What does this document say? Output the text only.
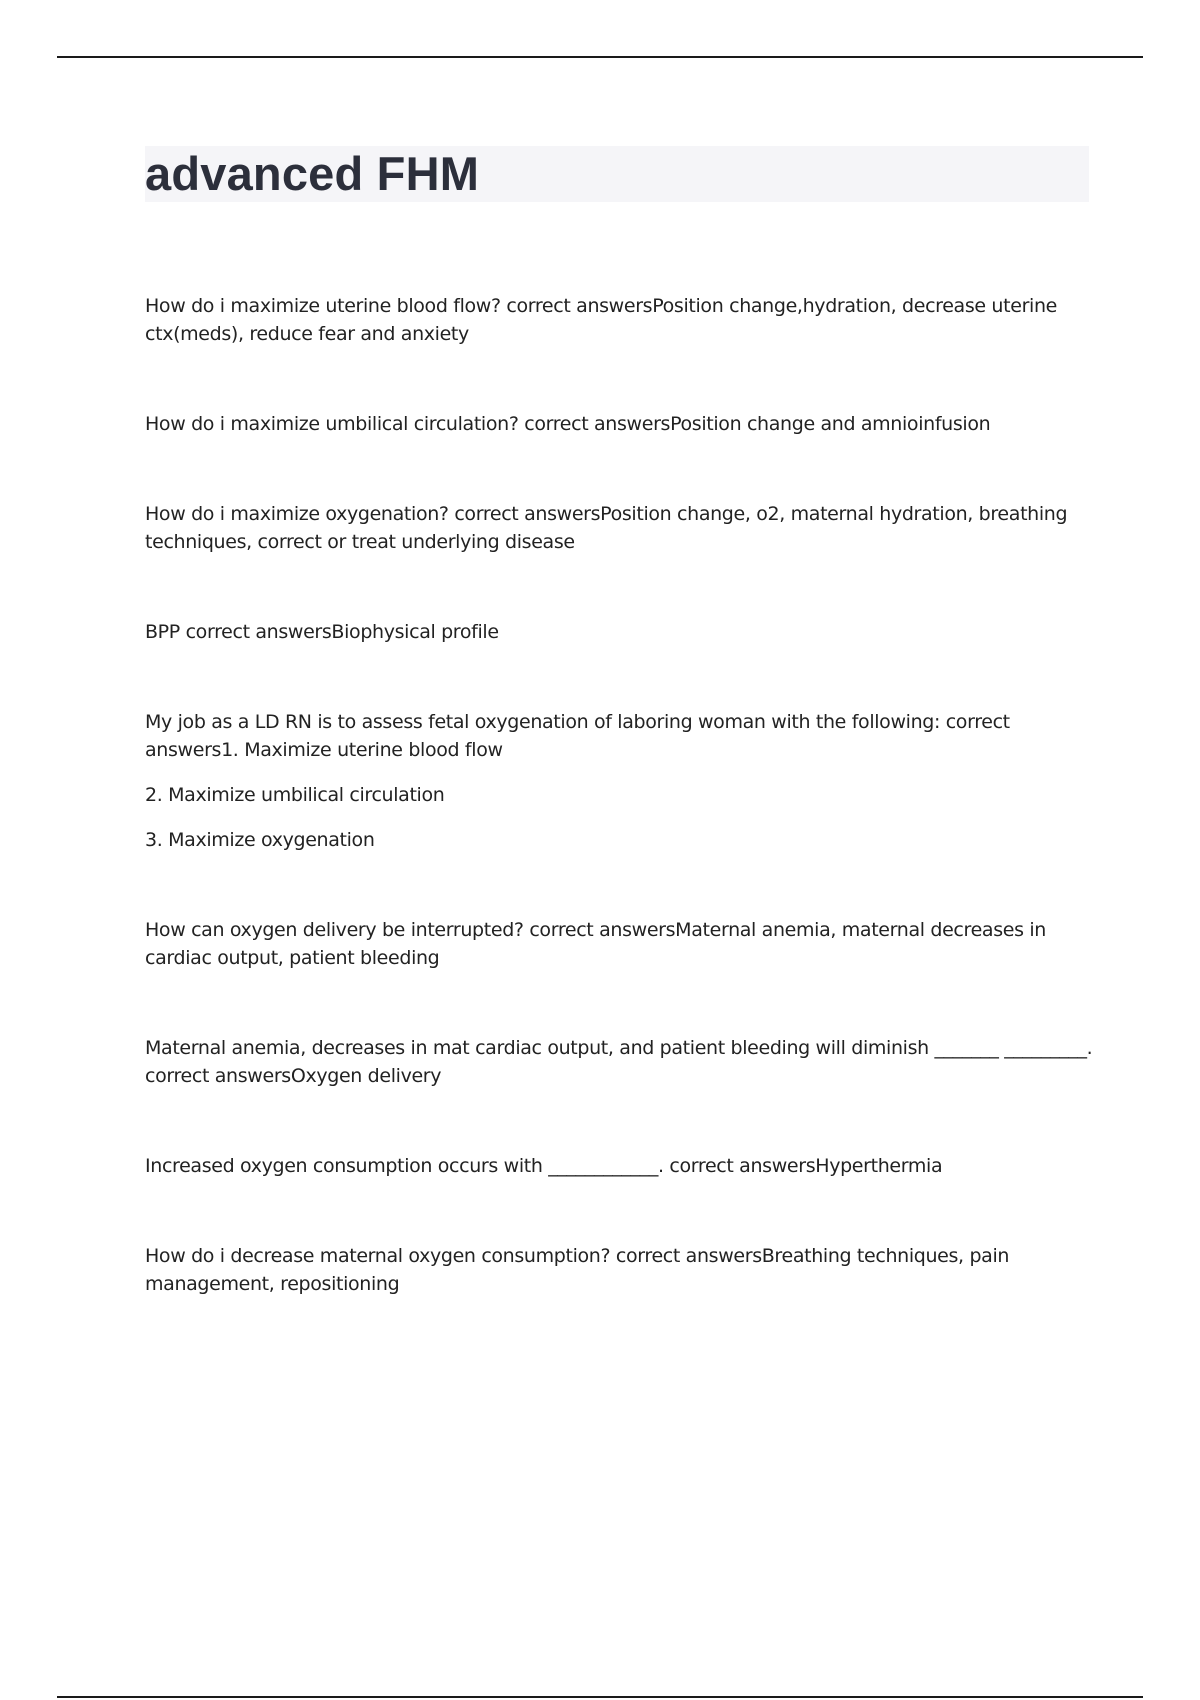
advanced FHM

How do i maximize uterine blood flow? correct answersPosition change,hydration, decrease uterine ctx(meds), reduce fear and anxiety

How do i maximize umbilical circulation? correct answersPosition change and amnioinfusion

How do i maximize oxygenation? correct answersPosition change, o2, maternal hydration, breathing techniques, correct or treat underlying disease

BPP correct answersBiophysical profile

My job as a LD RN is to assess fetal oxygenation of laboring woman with the following: correct answers1. Maximize uterine blood flow

2. Maximize umbilical circulation

3. Maximize oxygenation

How can oxygen delivery be interrupted? correct answersMaternal anemia, maternal decreases in cardiac output, patient bleeding

Maternal anemia, decreases in mat cardiac output, and patient bleeding will diminish _______ _________. correct answersOxygen delivery

Increased oxygen consumption occurs with ____________. correct answersHyperthermia

How do i decrease maternal oxygen consumption? correct answersBreathing techniques, pain management, repositioning
